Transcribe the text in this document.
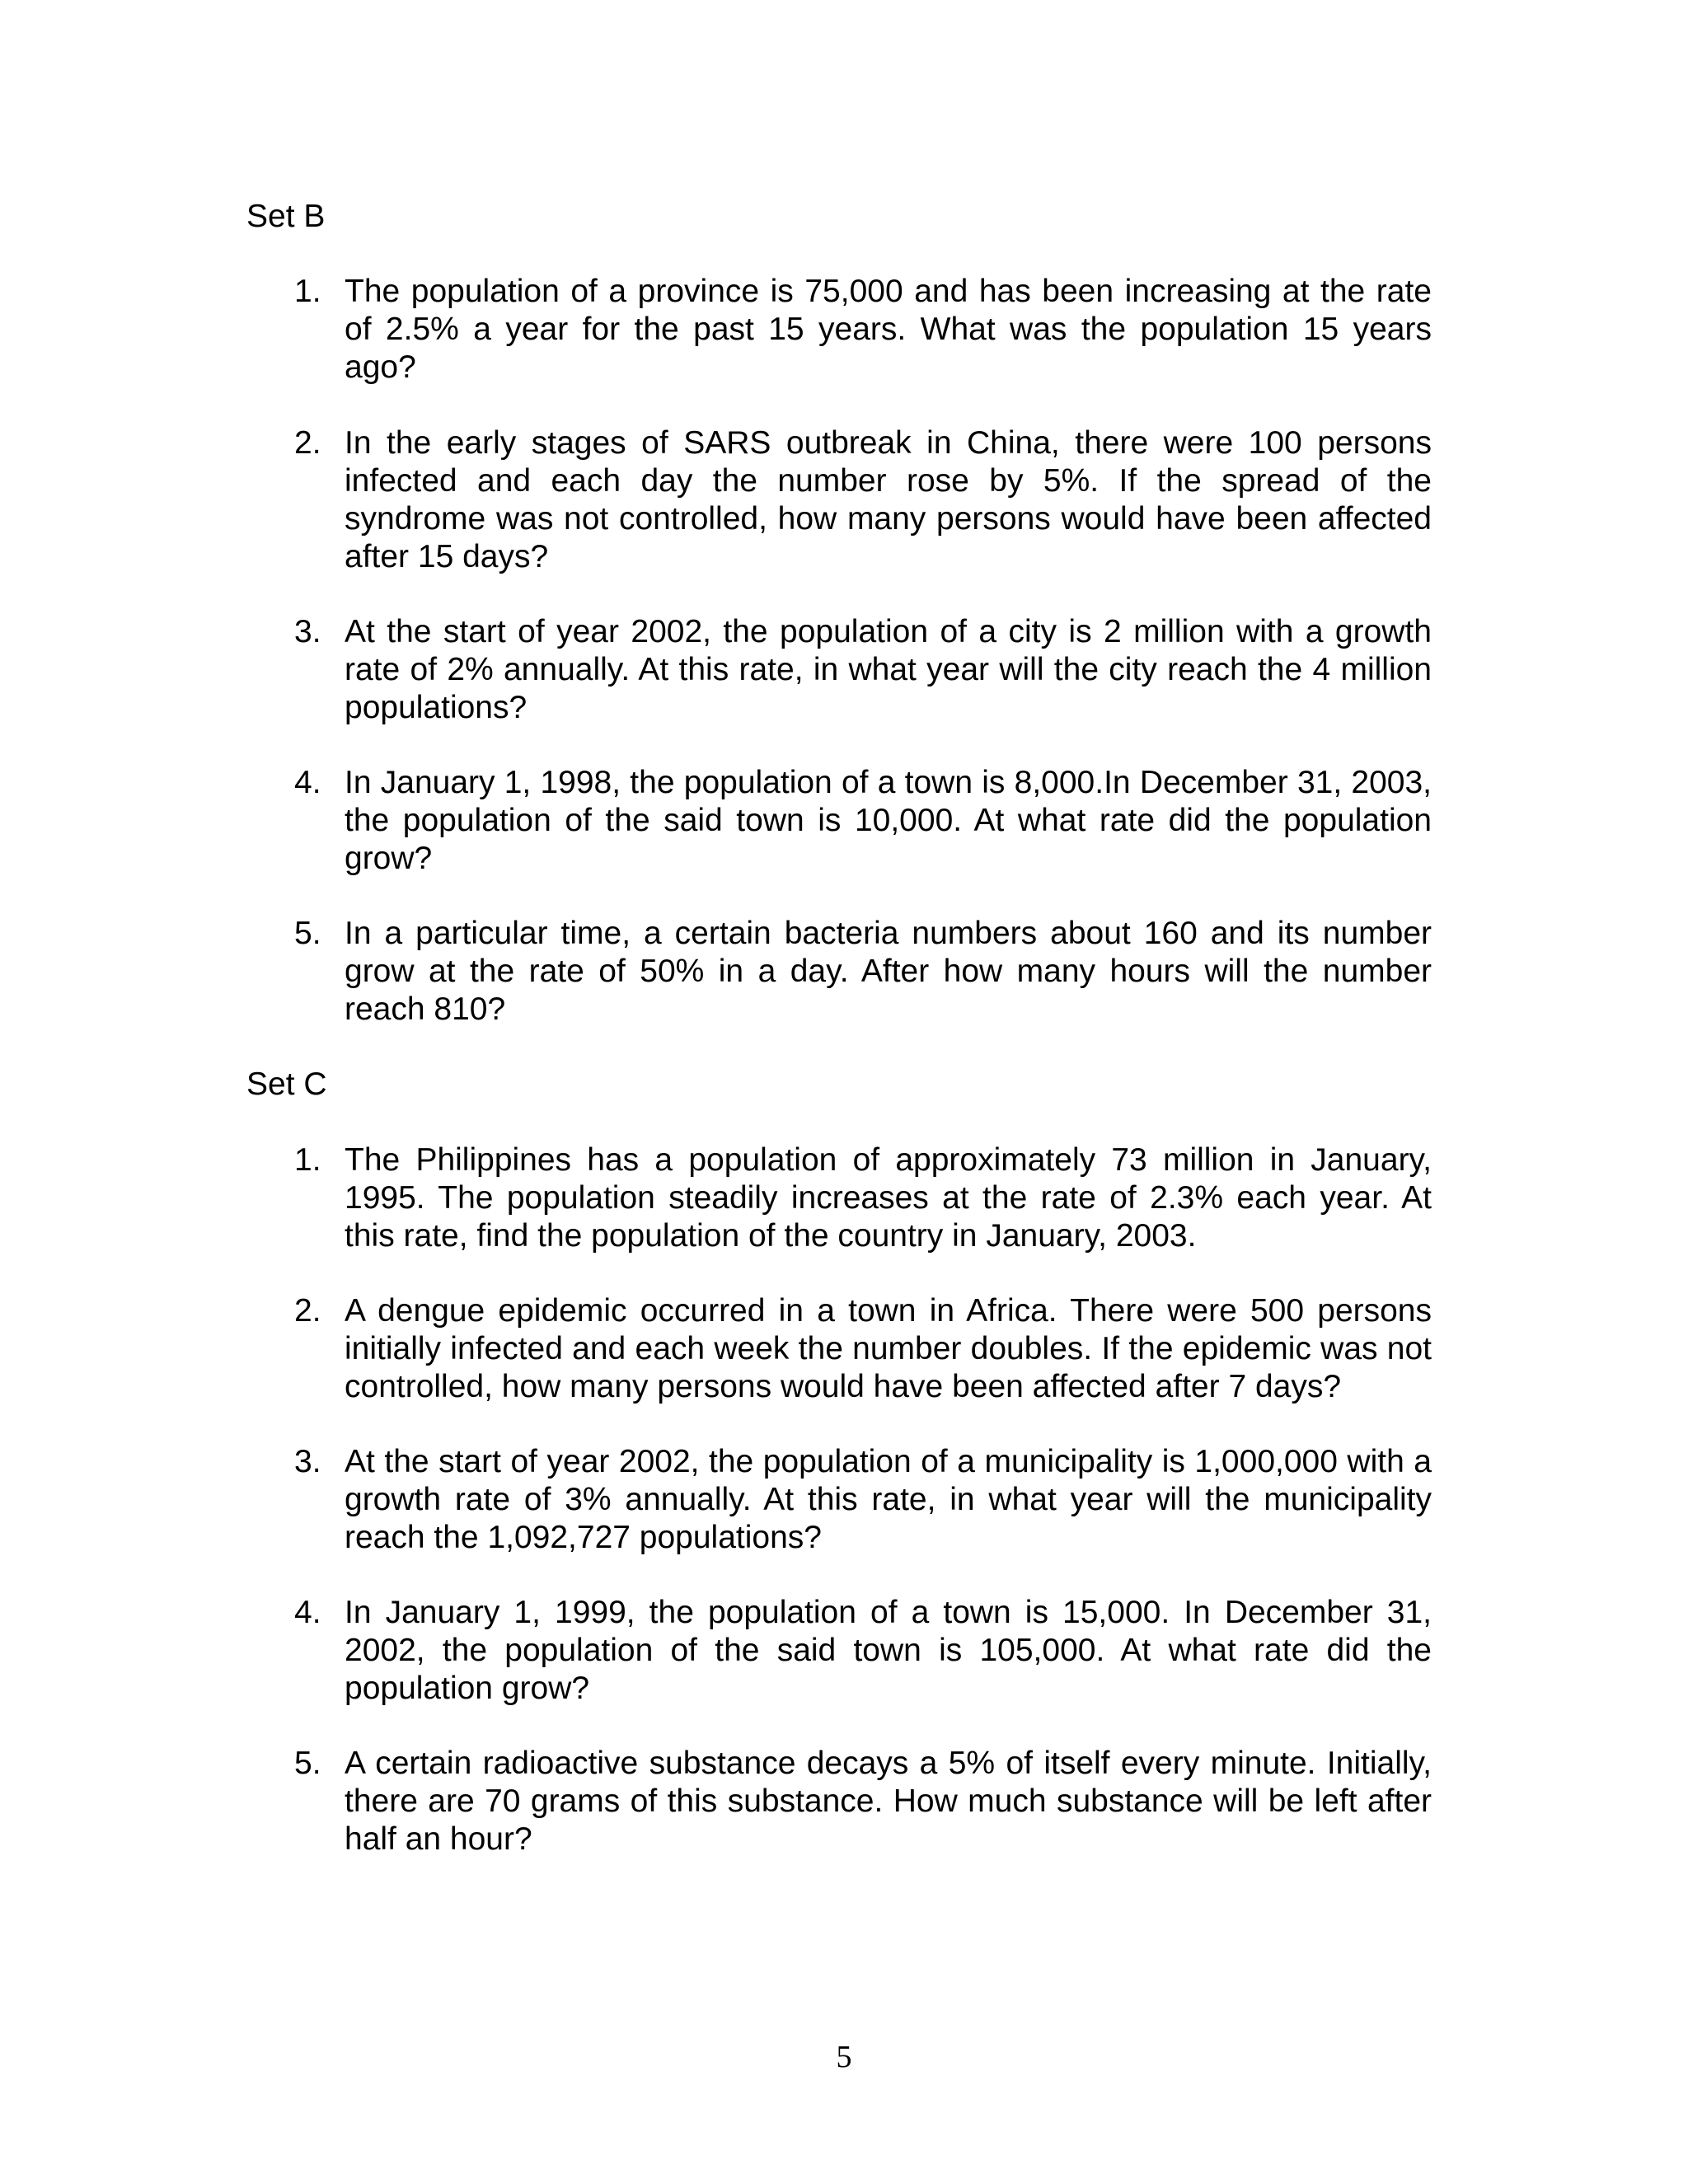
Set B
1. The population of a province is 75,000 and has been increasing at the rate of 2.5% a year for the past 15 years. What was the population 15 years ago?

2. In the early stages of SARS outbreak in China, there were 100 persons infected and each day the number rose by 5%. If the spread of the syndrome was not controlled, how many persons would have been affected after 15 days?

3. At the start of year 2002, the population of a city is 2 million with a growth rate of 2% annually. At this rate, in what year will the city reach the 4 million populations?

4. In January 1, 1998, the population of a town is 8,000.In December 31, 2003, the population of the said town is 10,000. At what rate did the population grow?

5. In a particular time, a certain bacteria numbers about 160 and its number grow at the rate of 50% in a day. After how many hours will the number reach 810?

Set C
1. The Philippines has a population of approximately 73 million in January, 1995. The population steadily increases at the rate of 2.3% each year. At this rate, find the population of the country in January, 2003.

2. A dengue epidemic occurred in a town in Africa. There were 500 persons initially infected and each week the number doubles. If the epidemic was not controlled, how many persons would have been affected after 7 days?

3. At the start of year 2002, the population of a municipality is 1,000,000 with a growth rate of 3% annually. At this rate, in what year will the municipality reach the 1,092,727 populations?

4. In January 1, 1999, the population of a town is 15,000. In December 31, 2002, the population of the said town is 105,000. At what rate did the population grow?

5. A certain radioactive substance decays a 5% of itself every minute. Initially, there are 70 grams of this substance. How much substance will be left after half an hour?

5
